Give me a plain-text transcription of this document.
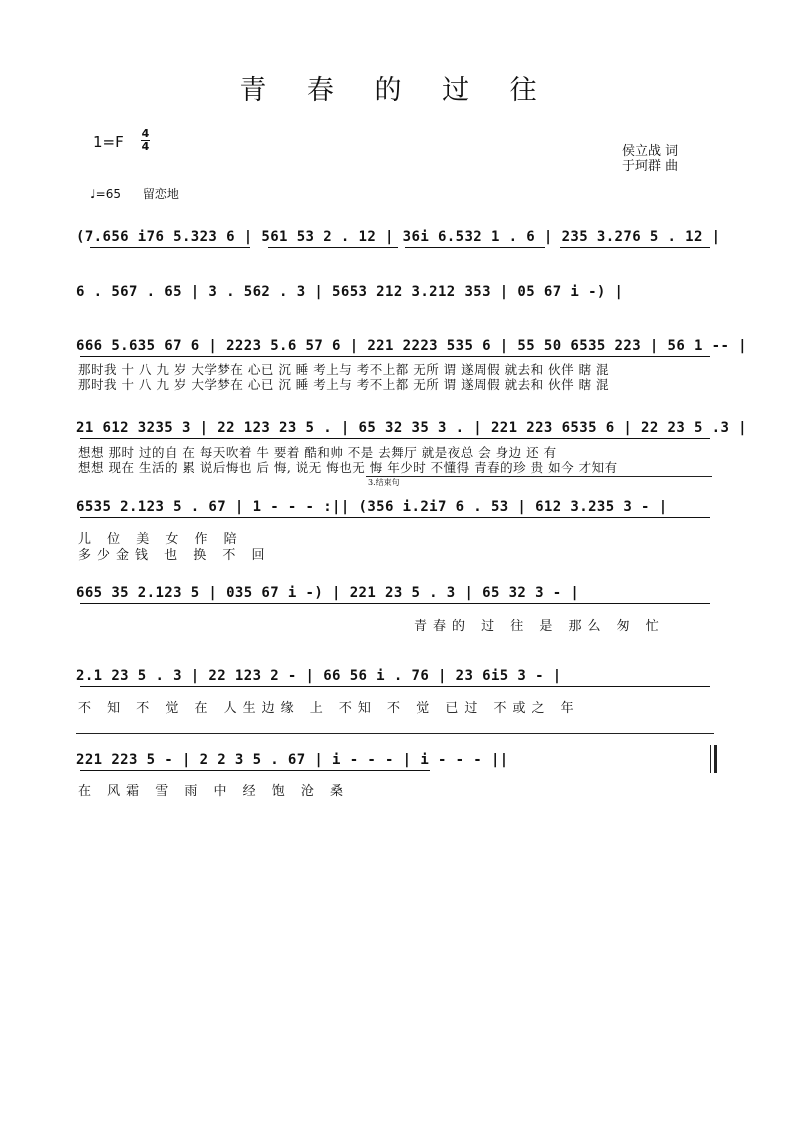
青 春 的 过 往
1=F 4
4
♩=65 留恋地
侯立战 词
于珂群 曲
(7.656 i76 5.323 6 | 561 53 2 . 12 | 36i 6.532 1 . 6 | 235 3.276 5 . 12 |
6 . 567 . 65 | 3 . 562 . 3 | 5653 212 3.212 353 | 05 67 i -) |
666 5.635 67 6 | 2223 5.6 57 6 | 221 2223 535 6 | 55 50 6535 223 | 56 1 -- |
那时我 十 八 九 岁 大学梦在 心已 沉 睡 考上与 考不上都 无所 谓 遂周假 就去和 伙伴 瞎 混
那时我 十 八 九 岁 大学梦在 心已 沉 睡 考上与 考不上都 无所 谓 遂周假 就去和 伙伴 瞎 混
21 612 3235 3 | 22 123 23 5 . | 65 32 35 3 . | 221 223 6535 6 | 22 23 5 .3 |
想想 那时 过的自 在 每天吹着 牛 要着 酷和帅 不是 去舞厅 就是夜总 会 身边 还 有
想想 现在 生活的 累 说后悔也 后 悔, 说无 悔也无 悔 年少时 不懂得 青春的珍 贵 如今 才知有
3.结束句
6535 2.123 5 . 67 | 1 - - - :|| (356 i.2i7 6 . 53 | 612 3.235 3 - |
儿 位 美 女 作 陪
多少金钱 也 换 不 回
665 35 2.123 5 | 035 67 i -) | 221 23 5 . 3 | 65 32 3 - |
青春的 过 往 是 那么 匆 忙
2.1 23 5 . 3 | 22 123 2 - | 66 56 i . 76 | 23 6i5 3 - |
不 知 不 觉 在 人生边缘 上 不知 不 觉 已过 不或之 年
221 223 5 - | 2 2 3 5 . 67 | i - - - | i - - - ||
在 风霜 雪 雨 中 经 饱 沧 桑
